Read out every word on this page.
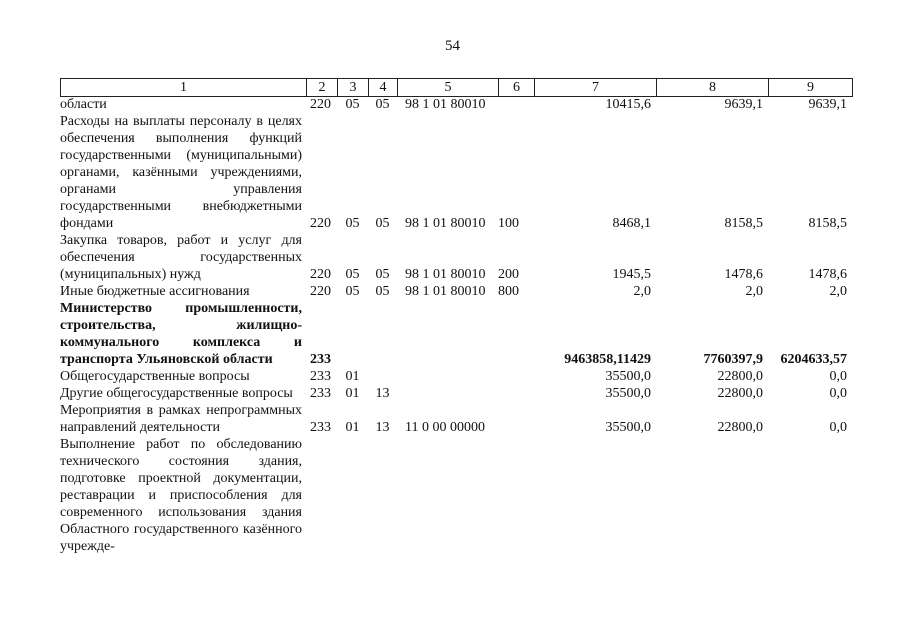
54
1	2	3	4	5	6	7	8	9
области	220	05	05	98 1 01 80010		10415,6	9639,1	9639,1
Расходы на выплаты персоналу в целях обеспечения выполнения функций государственными (муниципальными) органами, казёнными учреждениями, органами управления государственными внебюджетными фондами	220	05	05	98 1 01 80010	100	8468,1	8158,5	8158,5
Закупка товаров, работ и услуг для обеспечения государственных (муниципальных) нужд	220	05	05	98 1 01 80010	200	1945,5	1478,6	1478,6
Иные бюджетные ассигнования	220	05	05	98 1 01 80010	800	2,0	2,0	2,0
Министерство промышленности, строительства, жилищно-коммунального комплекса и транспорта Ульяновской области	233					9463858,11429	7760397,9	6204633,57
Общегосударственные вопросы	233	01				35500,0	22800,0	0,0
Другие общегосударственные вопросы	233	01	13			35500,0	22800,0	0,0
Мероприятия в рамках непрограммных направлений деятельности	233	01	13	11 0 00 00000		35500,0	22800,0	0,0
Выполнение работ по обследованию технического состояния здания, подготовке проектной документации, реставрации и приспособления для современного использования здания Областного государственного казённого учрежде-								
